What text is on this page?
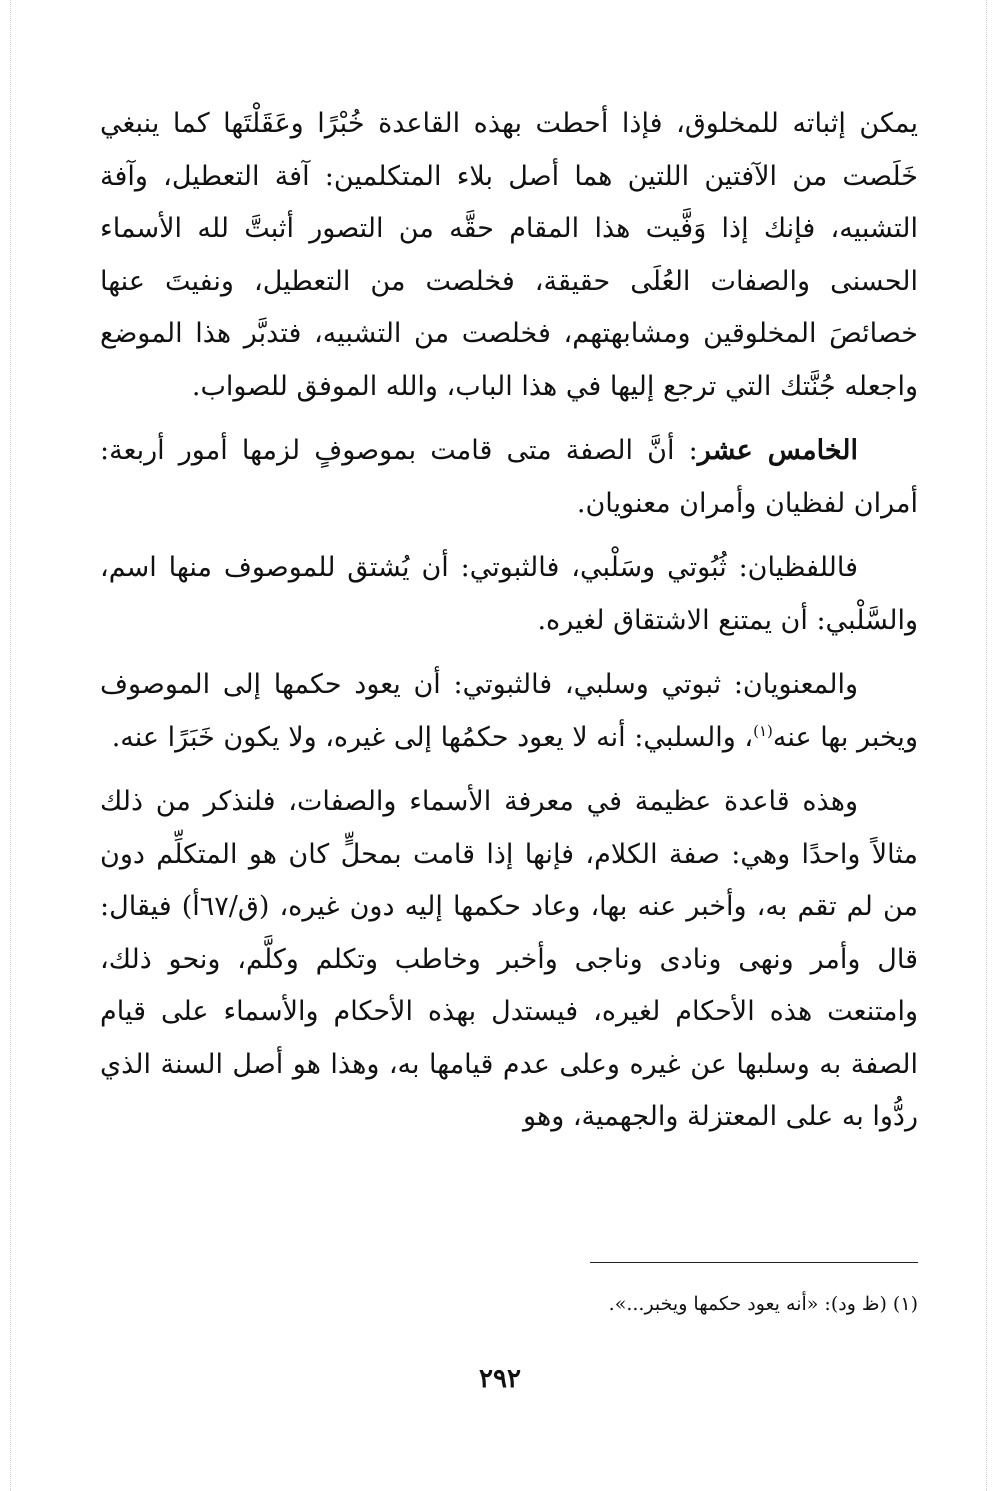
يمكن إثباته للمخلوق، فإذا أحطت بهذه القاعدة خُبْرًا وعَقَلْتَها كما ينبغي خَلَصت من الآفتين اللتين هما أصل بلاء المتكلمين: آفة التعطيل، وآفة التشبيه، فإنك إذا وَفَّيت هذا المقام حقَّه من التصور أثبتَّ لله الأسماء الحسنى والصفات العُلَى حقيقة، فخلصت من التعطيل، ونفيتَ عنها خصائصَ المخلوقين ومشابهتهم، فخلصت من التشبيه، فتدبَّر هذا الموضع واجعله جُنَّتك التي ترجع إليها في هذا الباب، والله الموفق للصواب.

الخامس عشر: أنَّ الصفة متى قامت بموصوفٍ لزمها أمور أربعة: أمران لفظيان وأمران معنويان.

فاللفظيان: ثُبُوتي وسَلْبي، فالثبوتي: أن يُشتق للموصوف منها اسم، والسَّلْبي: أن يمتنع الاشتقاق لغيره.

والمعنويان: ثبوتي وسلبي، فالثبوتي: أن يعود حكمها إلى الموصوف ويخبر بها عنه$^{(١)}$، والسلبي: أنه لا يعود حكمُها إلى غيره، ولا يكون خَبَرًا عنه.

وهذه قاعدة عظيمة في معرفة الأسماء والصفات، فلنذكر من ذلك مثالاً واحدًا وهي: صفة الكلام، فإنها إذا قامت بمحلٍّ كان هو المتكلِّم دون من لم تقم به، وأخبر عنه بها، وعاد حكمها إليه دون غيره، (ق/٦٧أ) فيقال: قال وأمر ونهى ونادى وناجى وأخبر وخاطب وتكلم وكلَّم، ونحو ذلك، وامتنعت هذه الأحكام لغيره، فيستدل بهذه الأحكام والأسماء على قيام الصفة به وسلبها عن غيره وعلى عدم قيامها به، وهذا هو أصل السنة الذي ردُّوا به على المعتزلة والجهمية، وهو

(١) (ظ ود): «أنه يعود حكمها ويخبر...».
٢٩٢
